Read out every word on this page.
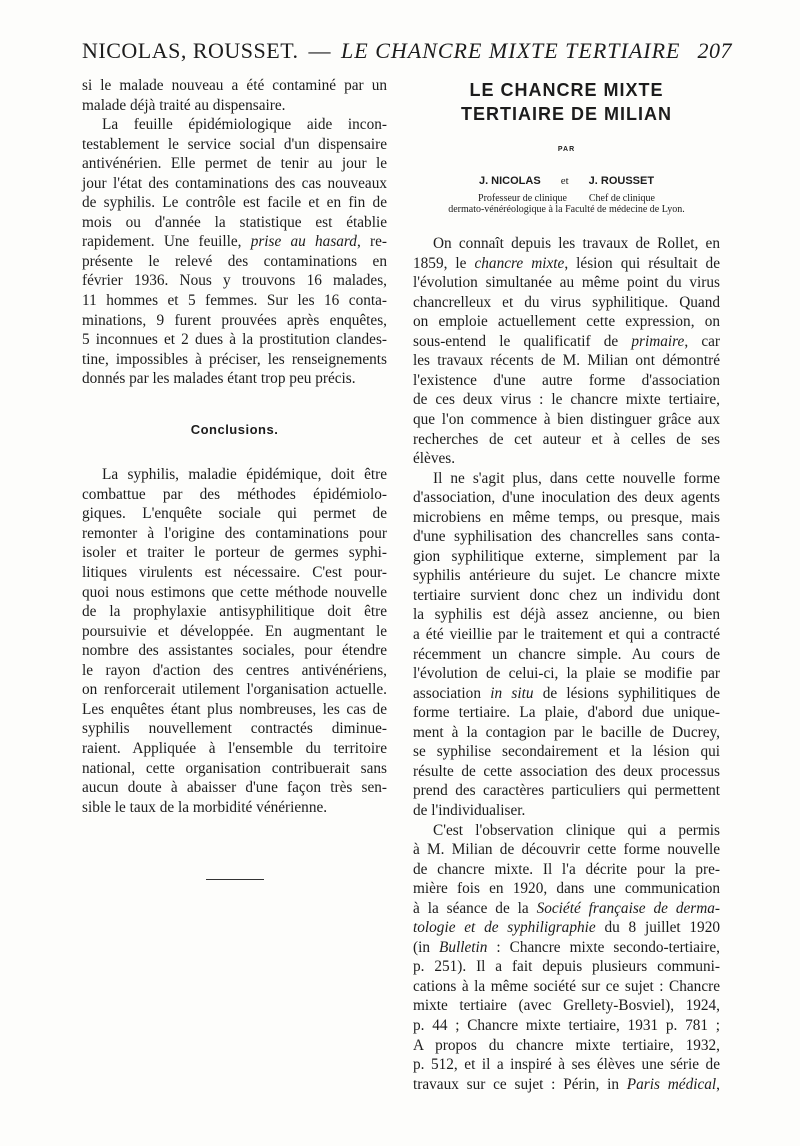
NICOLAS, ROUSSET. — LE CHANCRE MIXTE TERTIAIRE 207
si le malade nouveau a été contaminé par un
malade déjà traité au dispensaire.
La feuille épidémiologique aide incon-
testablement le service social d'un dispensaire
antivénérien. Elle permet de tenir au jour le
jour l'état des contaminations des cas nouveaux
de syphilis. Le contrôle est facile et en fin de
mois ou d'année la statistique est établie
rapidement. Une feuille, prise au hasard, re-
présente le relevé des contaminations en
février 1936. Nous y trouvons 16 malades,
11 hommes et 5 femmes. Sur les 16 conta-
minations, 9 furent prouvées après enquêtes,
5 inconnues et 2 dues à la prostitution clandes-
tine, impossibles à préciser, les renseignements
donnés par les malades étant trop peu précis.
Conclusions.
La syphilis, maladie épidémique, doit être
combattue par des méthodes épidémiolo-
giques. L'enquête sociale qui permet de
remonter à l'origine des contaminations pour
isoler et traiter le porteur de germes syphi-
litiques virulents est nécessaire. C'est pour-
quoi nous estimons que cette méthode nouvelle
de la prophylaxie antisyphilitique doit être
poursuivie et développée. En augmentant le
nombre des assistantes sociales, pour étendre
le rayon d'action des centres antivénériens,
on renforcerait utilement l'organisation actuelle.
Les enquêtes étant plus nombreuses, les cas de
syphilis nouvellement contractés diminue-
raient. Appliquée à l'ensemble du territoire
national, cette organisation contribuerait sans
aucun doute à abaisser d'une façon très sen-
sible le taux de la morbidité vénérienne.
LE CHANCRE MIXTE
TERTIAIRE DE MILIAN
PAR
J. NICOLAS et J. ROUSSET
Professeur de clinique Chef de clinique
dermato-vénéréologique à la Faculté de médecine de Lyon.
On connaît depuis les travaux de Rollet, en
1859, le chancre mixte, lésion qui résultait de
l'évolution simultanée au même point du virus
chancrelleux et du virus syphilitique. Quand
on emploie actuellement cette expression, on
sous-entend le qualificatif de primaire, car
les travaux récents de M. Milian ont démontré
l'existence d'une autre forme d'association
de ces deux virus : le chancre mixte tertiaire,
que l'on commence à bien distinguer grâce aux
recherches de cet auteur et à celles de ses
élèves.
Il ne s'agit plus, dans cette nouvelle forme
d'association, d'une inoculation des deux agents
microbiens en même temps, ou presque, mais
d'une syphilisation des chancrelles sans conta-
gion syphilitique externe, simplement par la
syphilis antérieure du sujet. Le chancre mixte
tertiaire survient donc chez un individu dont
la syphilis est déjà assez ancienne, ou bien
a été vieillie par le traitement et qui a contracté
récemment un chancre simple. Au cours de
l'évolution de celui-ci, la plaie se modifie par
association in situ de lésions syphilitiques de
forme tertiaire. La plaie, d'abord due unique-
ment à la contagion par le bacille de Ducrey,
se syphilise secondairement et la lésion qui
résulte de cette association des deux processus
prend des caractères particuliers qui permettent
de l'individualiser.
C'est l'observation clinique qui a permis
à M. Milian de découvrir cette forme nouvelle
de chancre mixte. Il l'a décrite pour la pre-
mière fois en 1920, dans une communication
à la séance de la Société française de derma-
tologie et de syphiligraphie du 8 juillet 1920
(in Bulletin : Chancre mixte secondo-tertiaire,
p. 251). Il a fait depuis plusieurs communi-
cations à la même société sur ce sujet : Chancre
mixte tertiaire (avec Grellety-Bosviel), 1924,
p. 44 ; Chancre mixte tertiaire, 1931 p. 781 ;
A propos du chancre mixte tertiaire, 1932,
p. 512, et il a inspiré à ses élèves une série de
travaux sur ce sujet : Périn, in Paris médical,
